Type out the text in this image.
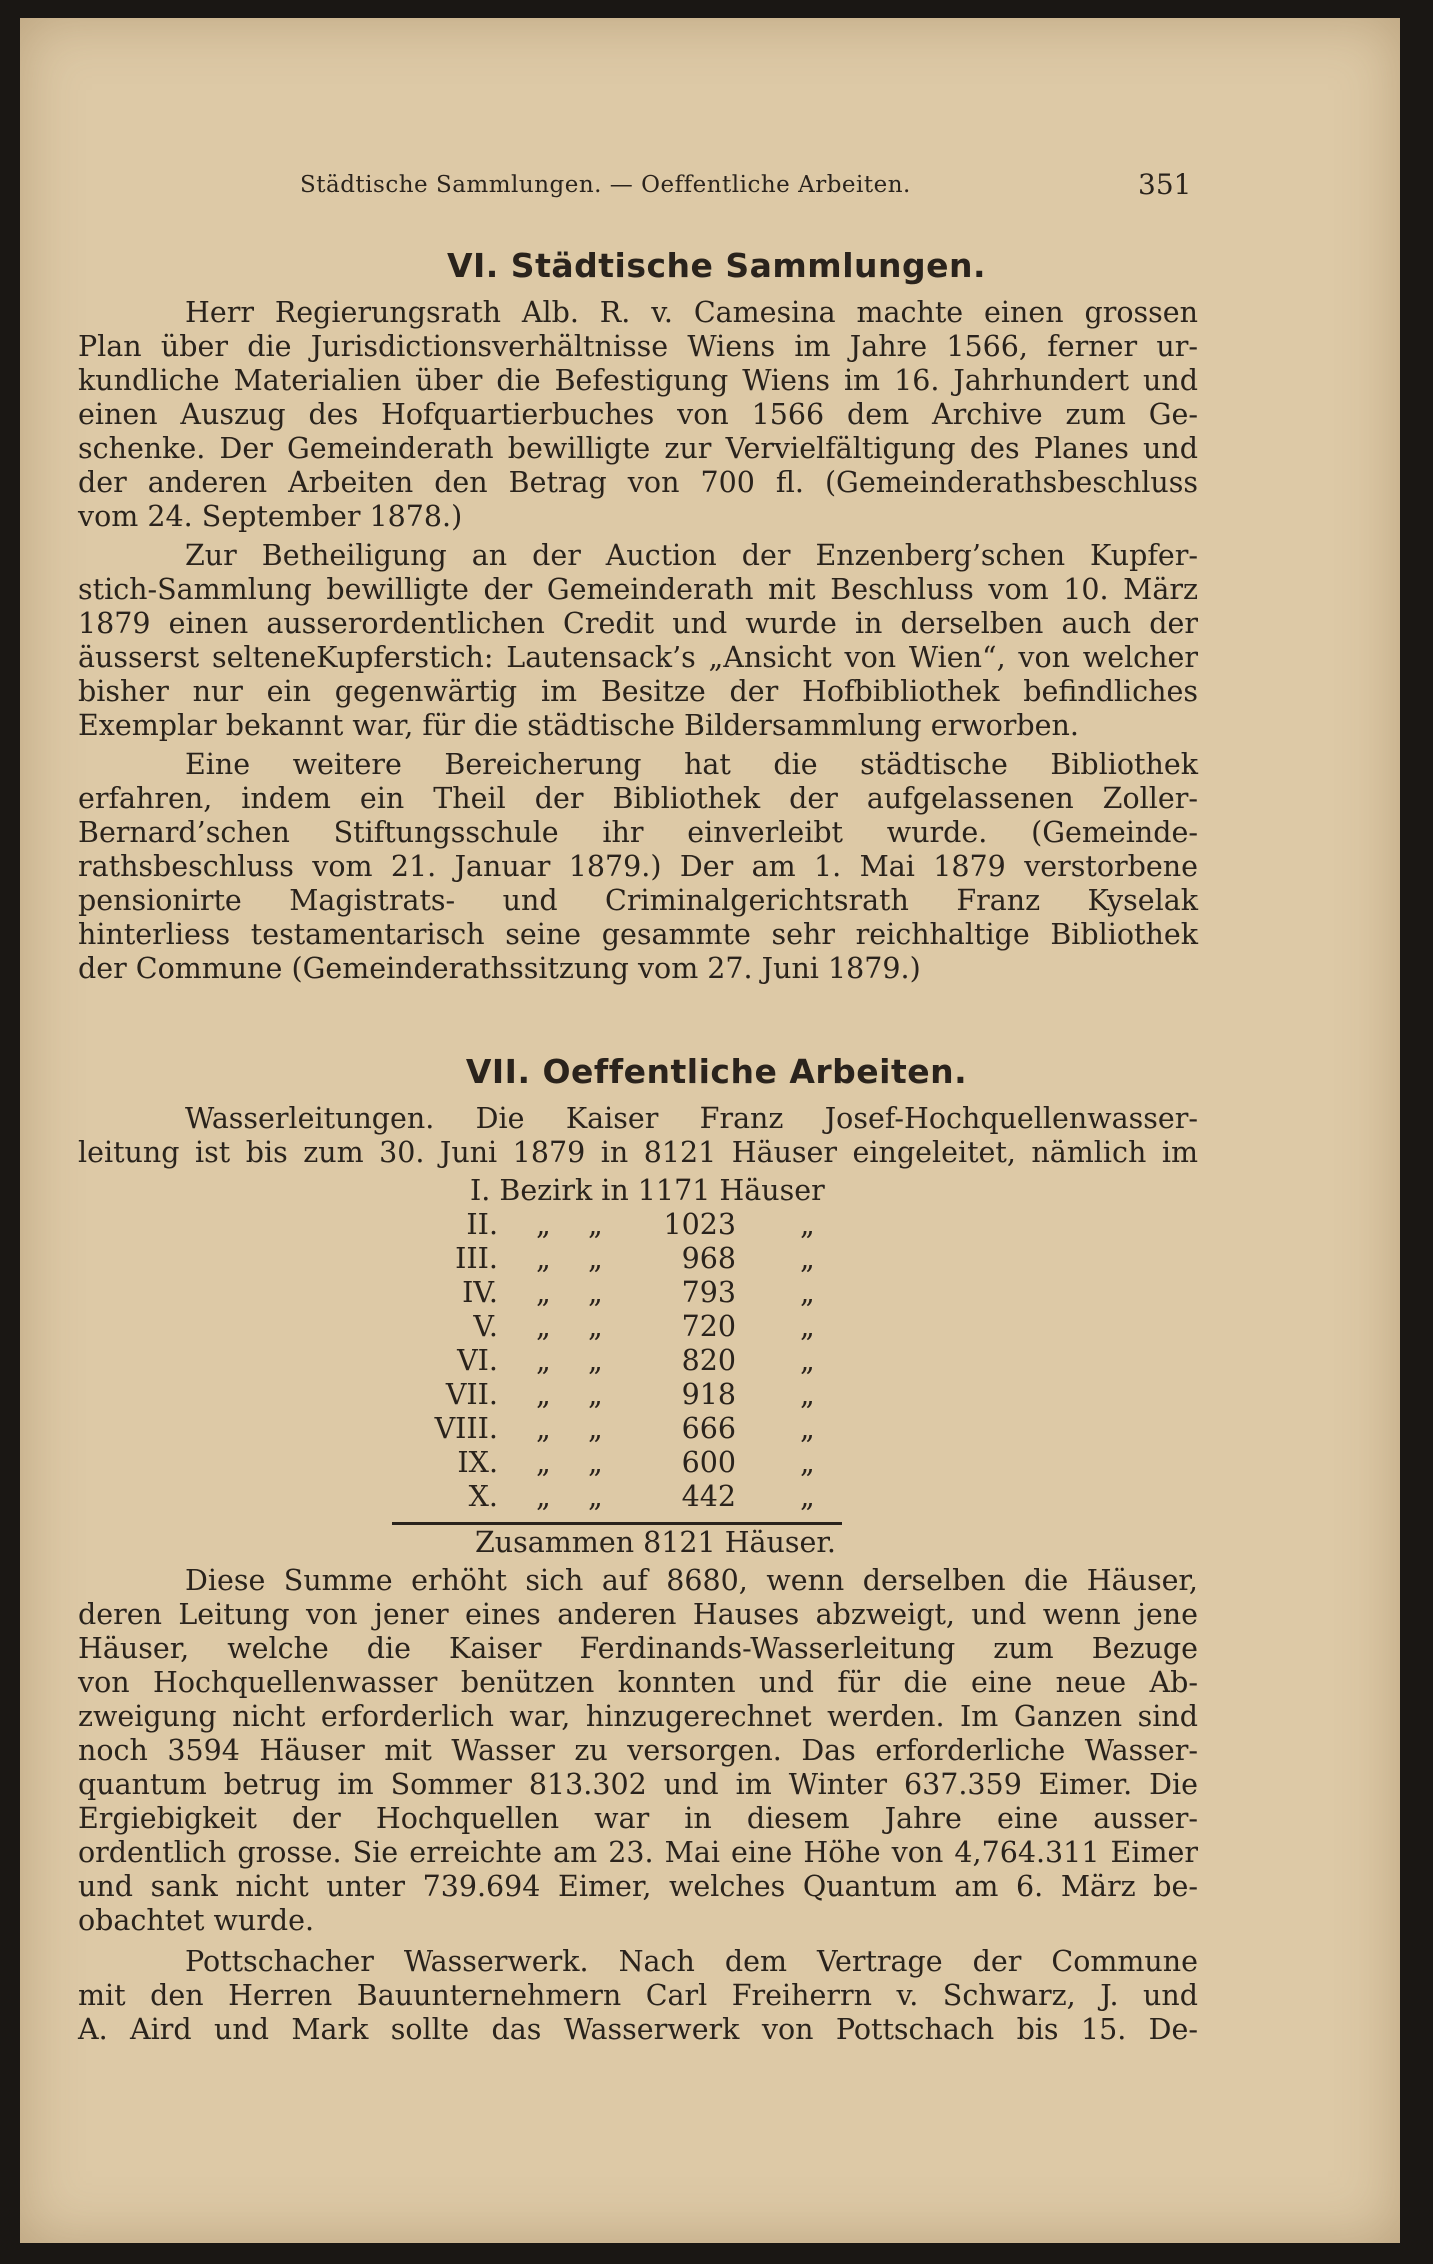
Städtische Sammlungen. — Oeffentliche Arbeiten.	351
VI. Städtische Sammlungen.
Herr Regierungsrath Alb. R. v. Camesina machte einen grossen
Plan über die Jurisdictionsverhältnisse Wiens im Jahre 1566, ferner ur-
kundliche Materialien über die Befestigung Wiens im 16. Jahrhundert und
einen Auszug des Hofquartierbuches von 1566 dem Archive zum Ge-
schenke. Der Gemeinderath bewilligte zur Vervielfältigung des Planes und
der anderen Arbeiten den Betrag von 700 fl. (Gemeinderathsbeschluss
vom 24. September 1878.)
Zur Betheiligung an der Auction der Enzenberg’schen Kupfer-
stich-Sammlung bewilligte der Gemeinderath mit Beschluss vom 10. März
1879 einen ausserordentlichen Credit und wurde in derselben auch der
äusserst selteneKupferstich: Lautensack’s „Ansicht von Wien“, von welcher
bisher nur ein gegenwärtig im Besitze der Hofbibliothek befindliches
Exemplar bekannt war, für die städtische Bildersammlung erworben.
Eine weitere Bereicherung hat die städtische Bibliothek
erfahren, indem ein Theil der Bibliothek der aufgelassenen Zoller-
Bernard’schen Stiftungsschule ihr einverleibt wurde. (Gemeinde-
rathsbeschluss vom 21. Januar 1879.) Der am 1. Mai 1879 verstorbene
pensionirte Magistrats- und Criminalgerichtsrath Franz Kyselak
hinterliess testamentarisch seine gesammte sehr reichhaltige Bibliothek
der Commune (Gemeinderathssitzung vom 27. Juni 1879.)
VII. Oeffentliche Arbeiten.
Wasserleitungen. Die Kaiser Franz Josef-Hochquellenwasser-
leitung ist bis zum 30. Juni 1879 in 8121 Häuser eingeleitet, nämlich im
I. Bezirk in 1171 Häuser
II. „ „ 1023 „
III. „ „	968 „
IV. „ „	793 „
V. „ „	720 „
VI. „ „	820 „
VII. „ „	918 „
VIII. „ „	666 „
IX. „ „	600 „
X. „ „	442 „
Zusammen 8121 Häuser.
Diese Summe erhöht sich auf 8680, wenn derselben die Häuser,
deren Leitung von jener eines anderen Hauses abzweigt, und wenn jene
Häuser, welche die Kaiser Ferdinands-Wasserleitung zum Bezuge
von Hochquellenwasser benützen konnten und für die eine neue Ab-
zweigung nicht erforderlich war, hinzugerechnet werden. Im Ganzen sind
noch 3594 Häuser mit Wasser zu versorgen. Das erforderliche Wasser-
quantum betrug im Sommer 813.302 und im Winter 637.359 Eimer. Die
Ergiebigkeit der Hochquellen war in diesem Jahre eine ausser-
ordentlich grosse. Sie erreichte am 23. Mai eine Höhe von 4,764.311 Eimer
und sank nicht unter 739.694 Eimer, welches Quantum am 6. März be-
obachtet wurde.
Pottschacher Wasserwerk. Nach dem Vertrage der Commune
mit den Herren Bauunternehmern Carl Freiherrn v. Schwarz, J. und
A. Aird und Mark sollte das Wasserwerk von Pottschach bis 15. De-
